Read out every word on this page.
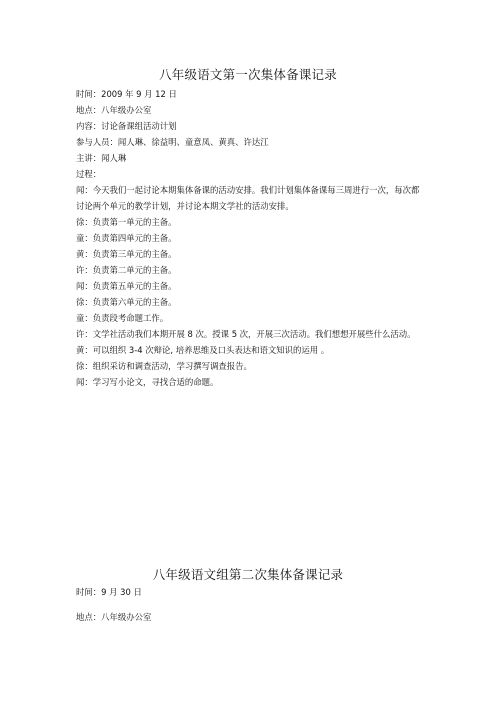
八年级语文第一次集体备课记录
时间：2009 年 9 月 12 日
地点：八年级办公室
内容：讨论备课组活动计划
参与人员：闻人琳、徐益明、童意凤、黄真、许达江
主讲：闻人琳
过程：
闻：今天我们一起讨论本期集体备课的活动安排。我们计划集体备课每三周进行一次，每次都讨论两个单元的教学计划，并讨论本期文学社的活动安排。
徐：负责第一单元的主备。
童：负责第四单元的主备。
黄：负责第三单元的主备。
许：负责第二单元的主备。
闻：负责第五单元的主备。
徐：负责第六单元的主备。
童：负责段考命题工作。
许：文学社活动我们本期开展 8 次。授课 5 次，开展三次活动。我们想想开展些什么活动。
黄：可以组织 3-4 次辩论, 培养思维及口头表达和语文知识的运用 。
徐：组织采访和调查活动，学习撰写调查报告。
闻：学习写小论文，寻找合适的命题。
八年级语文组第二次集体备课记录
时间：9 月 30 日
地点：八年级办公室
